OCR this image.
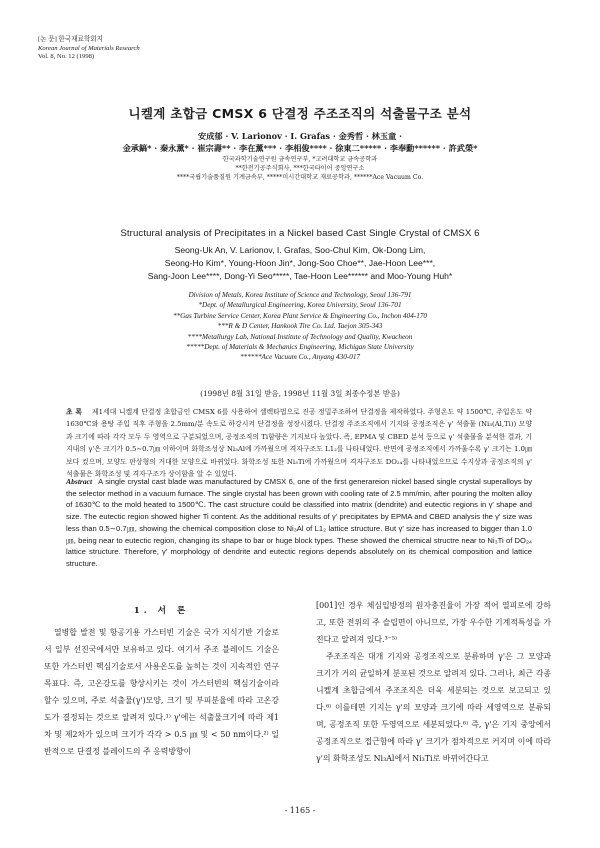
[논 문] 한국재료학회지
Korean Journal of Materials Research
Vol. 8, No. 12 (1998)
니켈계 초합금 CMSX 6 단결정 주조조직의 석출물구조 분석
安成郁 · V. Larionov · I. Grafas · 金秀哲 · 林玉童 ·
金承鎬* · 秦永薰* · 崔宗壽** · 李在薰*** · 李相俊**** · 徐東二***** · 李奉勳****** · 許武榮*
한국과학기술연구원 금속연구부, *고려대학교 금속공학과
**한전기공주식회사, ***한국타이어 중앙연구소
****국립기술품질원 기계금속부, *****미시간대학교 재료공학과, ******Ace Vacuum Co.
Structural analysis of Precipitates in a Nickel based Cast Single Crystal of CMSX 6
Seong-Uk An, V. Larionov, I. Grafas, Soo-Chul Kim, Ok-Dong Lim,
Seong-Ho Kim*, Young-Hoon Jin*, Jong-Soo Choe**, Jae-Hoon Lee***,
Sang-Joon Lee****, Dong-Yi Seo*****, Tae-Hoon Lee****** and Moo-Young Huh*
Division of Metals, Korea Institute of Science and Technology, Seoul 136-791
*Dept. of Metallurgical Engineering, Korea University, Seoul 136-701
**Gas Turbine Service Center, Korea Plant Service & Engineering Co., Inchon 404-170
***R & D Center, Hankook Tire Co. Ltd. Taejon 305-343
****Metallurgy Lab, National Institute of Technology and Quality, Kwacheon
*****Dept. of Materials & Mechanics Engineering, Michigan State University
******Ace Vacuum Co., Anyang 430-017
(1998년 8월 31일 받음, 1998년 11월 3일 최종수정본 받음)
초 록 제1세대 니켈계 단결정 초합금인 CMSX 6를 사용하여 셀렉타법으로 진공 정밀주조하여 단결정을 제작하였다. 주형온도 약 1500℃, 주입온도 약 1630℃와 용탕 주입 직후 주형을 2.5mm/분 속도로 하강시켜 단결정을 성장시켰다. 단결정 주조조직에서 기지와 공정조직은 γ' 석출물 (Ni₃(Al,Ti)) 모양과 크기에 따라 각각 모두 두 영역으로 구분되었으며, 공정조직의 Ti함량은 기지보다 높았다. 즉, EPMA 및 CBED 분석 등으로 γ' 석출물을 분석한 결과, 기지내의 γ'은 크기가 0.5∼0.7㎛ 이하이며 화학조성상 Ni₃Al에 가까웠으며 격자구조도 L1₂를 나타내었다. 반면에 공정조직에서 가까울수록 γ' 크기는 1.0㎛ 보다 컸으며, 모양도 판상형의 거대한 모양으로 바뀌었다. 화학조성 또한 Ni₃Ti에 가까웠으며 격자구조도 DO₂₄를 나타내었으므로 수지상과 공정조직의 γ' 석출물은 화학조성 및 격자구조가 상이함을 알 수 있었다.
Abstract A single crystal cast blade was manufactured by CMSX 6, one of the first generareion nickel based single crystal superalloys by the selector method in a vacuum furnace. The single crystal has been grown with cooling rate of 2.5 mm/min, after pouring the molten alloy of 1630℃ to the mold heated to 1500℃. The cast structure could be classified into matrix (dendrite) and eutectic regions in γ' shape and size. The eutectic region showed higher Ti content. As the additional results of γ' precipitates by EPMA and CBED analysis the γ' size was less than 0.5∼0.7㎛, showing the chemical composition close to Ni₃Al of L1₂ lattice structure. But γ' size has increased to bigger than 1.0㎛, being near to eutectic region, changing its shape to bar or huge block types. These showed the chemical structre near to Ni₃Ti of DO₂₄ lattice structure. Therefore, γ' morphology of dendrite and eutectic regions depends absolutely on its chemical composition and lattice structure.
1. 서 론

열병합 발전 및 항공기용 가스터빈 기술은 국가 지식기반 기술로서 일부 선진국에서만 보유하고 있다. 여기서 주조 블레이드 기술은 또한 가스터빈 핵심기술로서 사용온도를 높히는 것이 지속적인 연구목표다. 즉, 고온강도를 향상시키는 것이 가스터빈의 핵심기술이라 할수 있으며, 주로 석출물(γ')모양, 크기 및 부피분율에 따라 고온강도가 결정되는 것으로 알려져 있다.¹⁾ γ'에는 석출물크기에 따라 제1차 및 제2차가 있으며 크기가 각각 > 0.5 ㎛ 및 < 50 nm이다.²⁾ 일반적으로 단결정 블레이드의 주 응력방향이

[001]인 경우 체심입방정의 원자충진율이 가장 적어 열피로에 강하고, 또한 전위의 주 슬립면이 아니므로, 가장 우수한 기계적특성을 가진다고 알려져 있다.³⁻⁵⁾

주조조직은 대개 기지와 공정조직으로 분류하며 γ'은 그 모양과 크기가 거의 균일하게 분포된 것으로 알려져 있다. 그러나, 최근 각종 니켈계 초합금에서 주조조직은 더욱 세분되는 것으로 보고되고 있다.⁶⁾ 이를테면 기지는 γ'의 모양과 크기에 따라 세영역으로 분류되며, 공정조직 또한 두영역으로 세분되었다.⁶⁾ 즉, γ'은 기지 중앙에서 공정조직으로 접근함에 따라 γ' 크기가 점차적으로 커지며 이에 따라 γ'의 화학조성도 Ni₃Al에서 Ni₃Ti로 바뀌어간다고

- 1165 -
